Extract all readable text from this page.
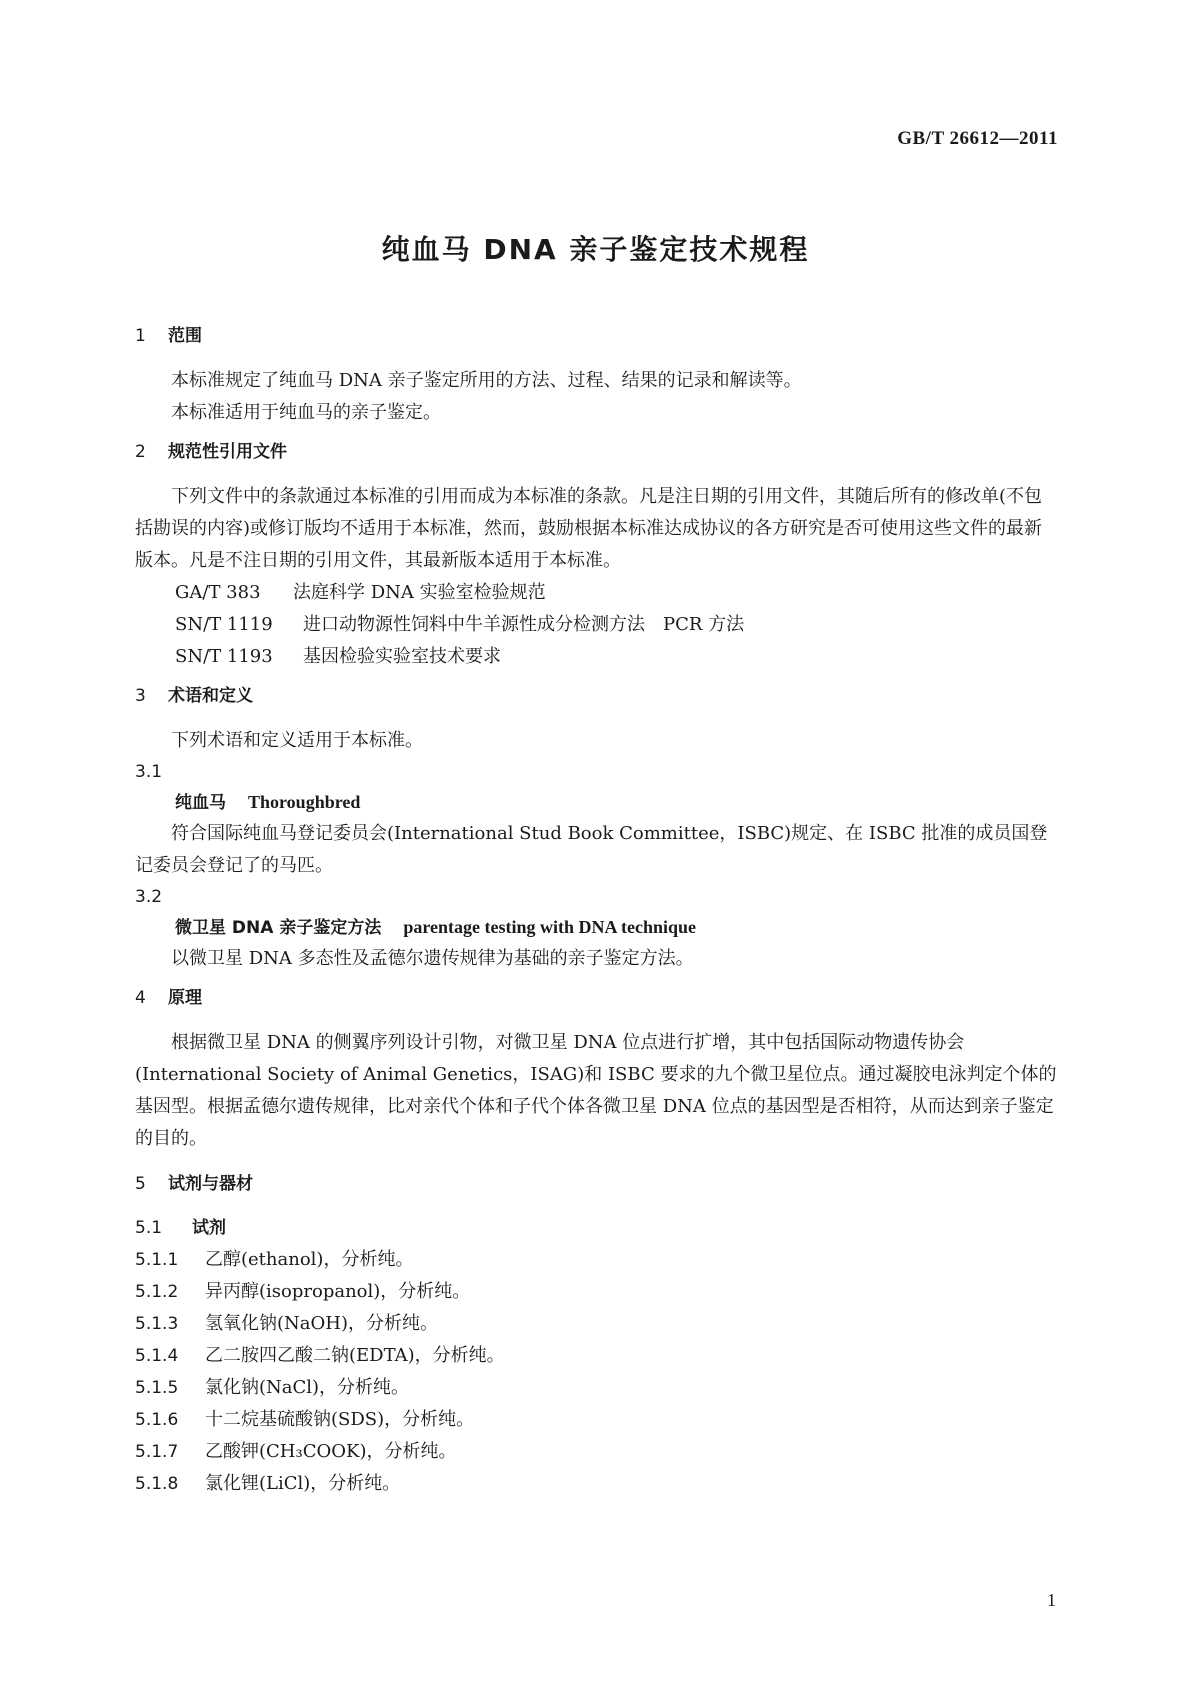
GB/T 26612—2011
纯血马 DNA 亲子鉴定技术规程
1 范围

本标准规定了纯血马 DNA 亲子鉴定所用的方法、过程、结果的记录和解读等。

本标准适用于纯血马的亲子鉴定。

2 规范性引用文件

下列文件中的条款通过本标准的引用而成为本标准的条款。凡是注日期的引用文件，其随后所有的修改单(不包括勘误的内容)或修订版均不适用于本标准，然而，鼓励根据本标准达成协议的各方研究是否可使用这些文件的最新版本。凡是不注日期的引用文件，其最新版本适用于本标准。

GA/T 383 法庭科学 DNA 实验室检验规范
SN/T 1119 进口动物源性饲料中牛羊源性成分检测方法　PCR 方法
SN/T 1193 基因检验实验室技术要求
3 术语和定义

下列术语和定义适用于本标准。

3.1
纯血马 Thoroughbred

符合国际纯血马登记委员会(International Stud Book Committee，ISBC)规定、在 ISBC 批准的成员国登记委员会登记了的马匹。

3.2
微卫星 DNA 亲子鉴定方法 parentage testing with DNA technique

以微卫星 DNA 多态性及孟德尔遗传规律为基础的亲子鉴定方法。

4 原理

根据微卫星 DNA 的侧翼序列设计引物，对微卫星 DNA 位点进行扩增，其中包括国际动物遗传协会(International Society of Animal Genetics，ISAG)和 ISBC 要求的九个微卫星位点。通过凝胶电泳判定个体的基因型。根据孟德尔遗传规律，比对亲代个体和子代个体各微卫星 DNA 位点的基因型是否相符，从而达到亲子鉴定的目的。

5 试剂与器材
5.1 试剂
5.1.1 乙醇(ethanol)，分析纯。
5.1.2 异丙醇(isopropanol)，分析纯。
5.1.3 氢氧化钠(NaOH)，分析纯。
5.1.4 乙二胺四乙酸二钠(EDTA)，分析纯。
5.1.5 氯化钠(NaCl)，分析纯。
5.1.6 十二烷基硫酸钠(SDS)，分析纯。
5.1.7 乙酸钾(CH₃COOK)，分析纯。
5.1.8 氯化锂(LiCl)，分析纯。
1
